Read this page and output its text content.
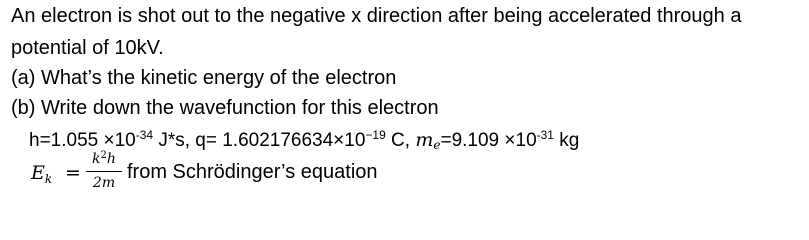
An electron is shot out to the negative x direction after being accelerated through a
potential of 10kV.
(a) What’s the kinetic energy of the electron
(b) Write down the wavefunction for this electron
$h=1.055 \times 10^{-34}$ J*s, $q= 1.602176634\times 10^{-19}$ C, $m_e=9.109 \times 10^{-31}$ kg
$E_k$ =
$k^2h$
2m from Schrödinger’s equation
